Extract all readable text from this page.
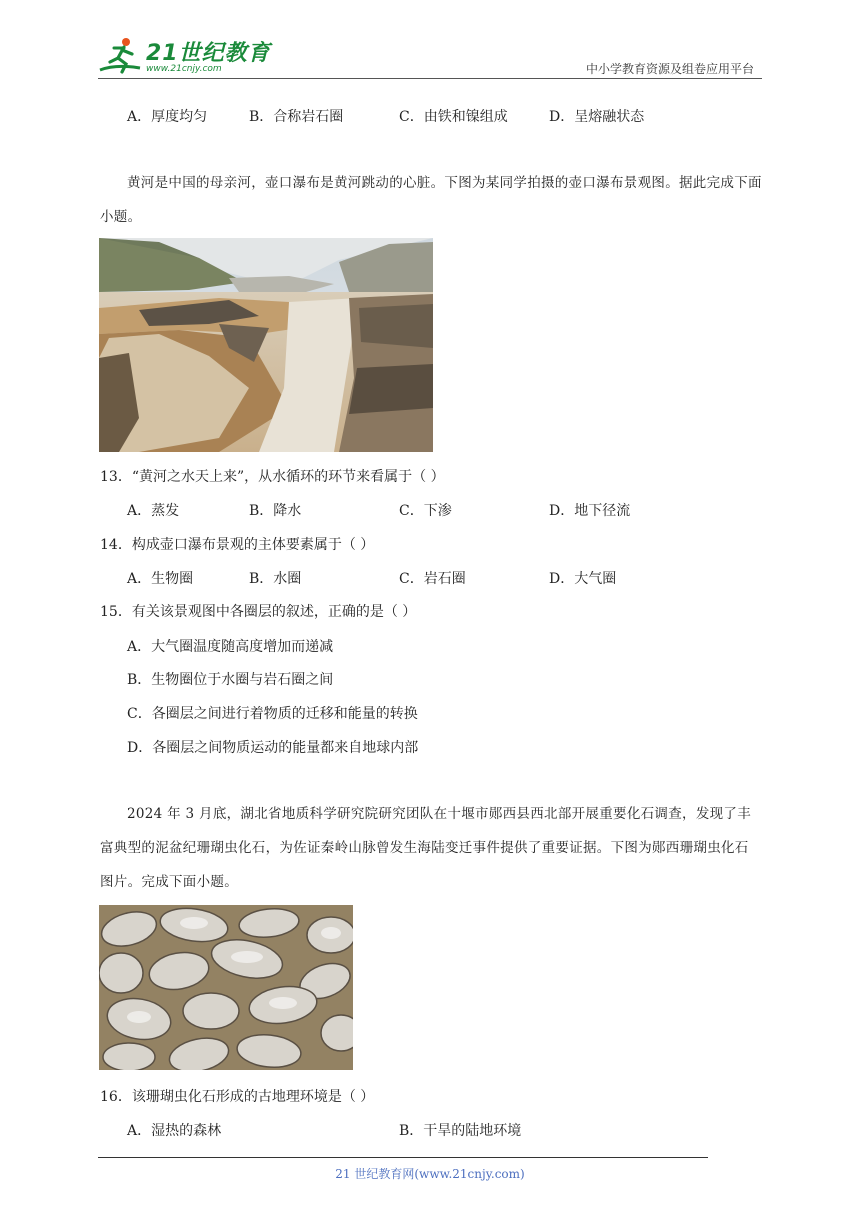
21世纪教育
www.21cnjy.com	中小学教育资源及组卷应用平台
A．厚度均匀	B．合称岩石圈	C．由铁和镍组成	D．呈熔融状态
黄河是中国的母亲河，壶口瀑布是黄河跳动的心脏。下图为某同学拍摄的壶口瀑布景观图。据此完成下面小题。
13．“黄河之水天上来”，从水循环的环节来看属于（ ）
A．蒸发	B．降水	C．下渗	D．地下径流
14．构成壶口瀑布景观的主体要素属于（ ）
A．生物圈	B．水圈	C．岩石圈	D．大气圈
15．有关该景观图中各圈层的叙述，正确的是（ ）
A．大气圈温度随高度增加而递减
B．生物圈位于水圈与岩石圈之间
C．各圈层之间进行着物质的迁移和能量的转换
D．各圈层之间物质运动的能量都来自地球内部
2024 年 3 月底，湖北省地质科学研究院研究团队在十堰市郧西县西北部开展重要化石调查，发现了丰富典型的泥盆纪珊瑚虫化石，为佐证秦岭山脉曾发生海陆变迁事件提供了重要证据。下图为郧西珊瑚虫化石图片。完成下面小题。
16．该珊瑚虫化石形成的古地理环境是（ ）
A．湿热的森林	B．干旱的陆地环境
21 世纪教育网(www.21cnjy.com)
